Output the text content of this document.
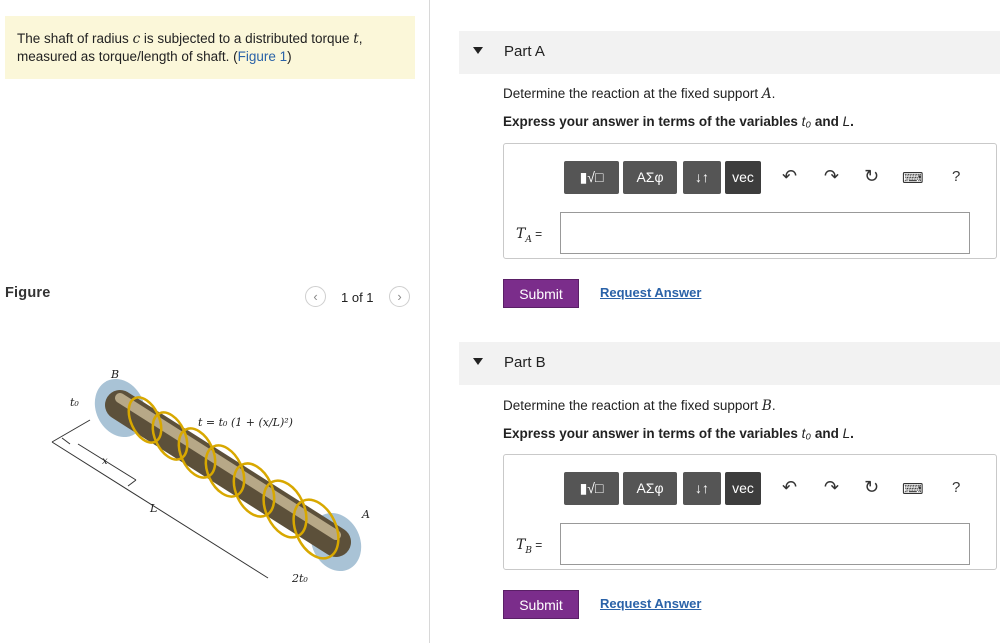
The shaft of radius c is subjected to a distributed torque t,
measured as torque/length of shaft. (Figure 1)
Figure	‹	1 of 1	›
B
t₀
x
L	A
2t₀
t = t₀ (1 + (x/L)²)
Part A
Determine the reaction at the fixed support A.
Express your answer in terms of the variables t₀ and L.
▮√□	ΑΣφ	↓↑	vec	↶ ↷ ↻ ⌨ ?
$T_A$ =
Submit	Request Answer
Part B
Determine the reaction at the fixed support B.
Express your answer in terms of the variables t₀ and L.
▮√□	ΑΣφ	↓↑	vec	↶ ↷ ↻ ⌨ ?
$T_B$ =
Submit	Request Answer
